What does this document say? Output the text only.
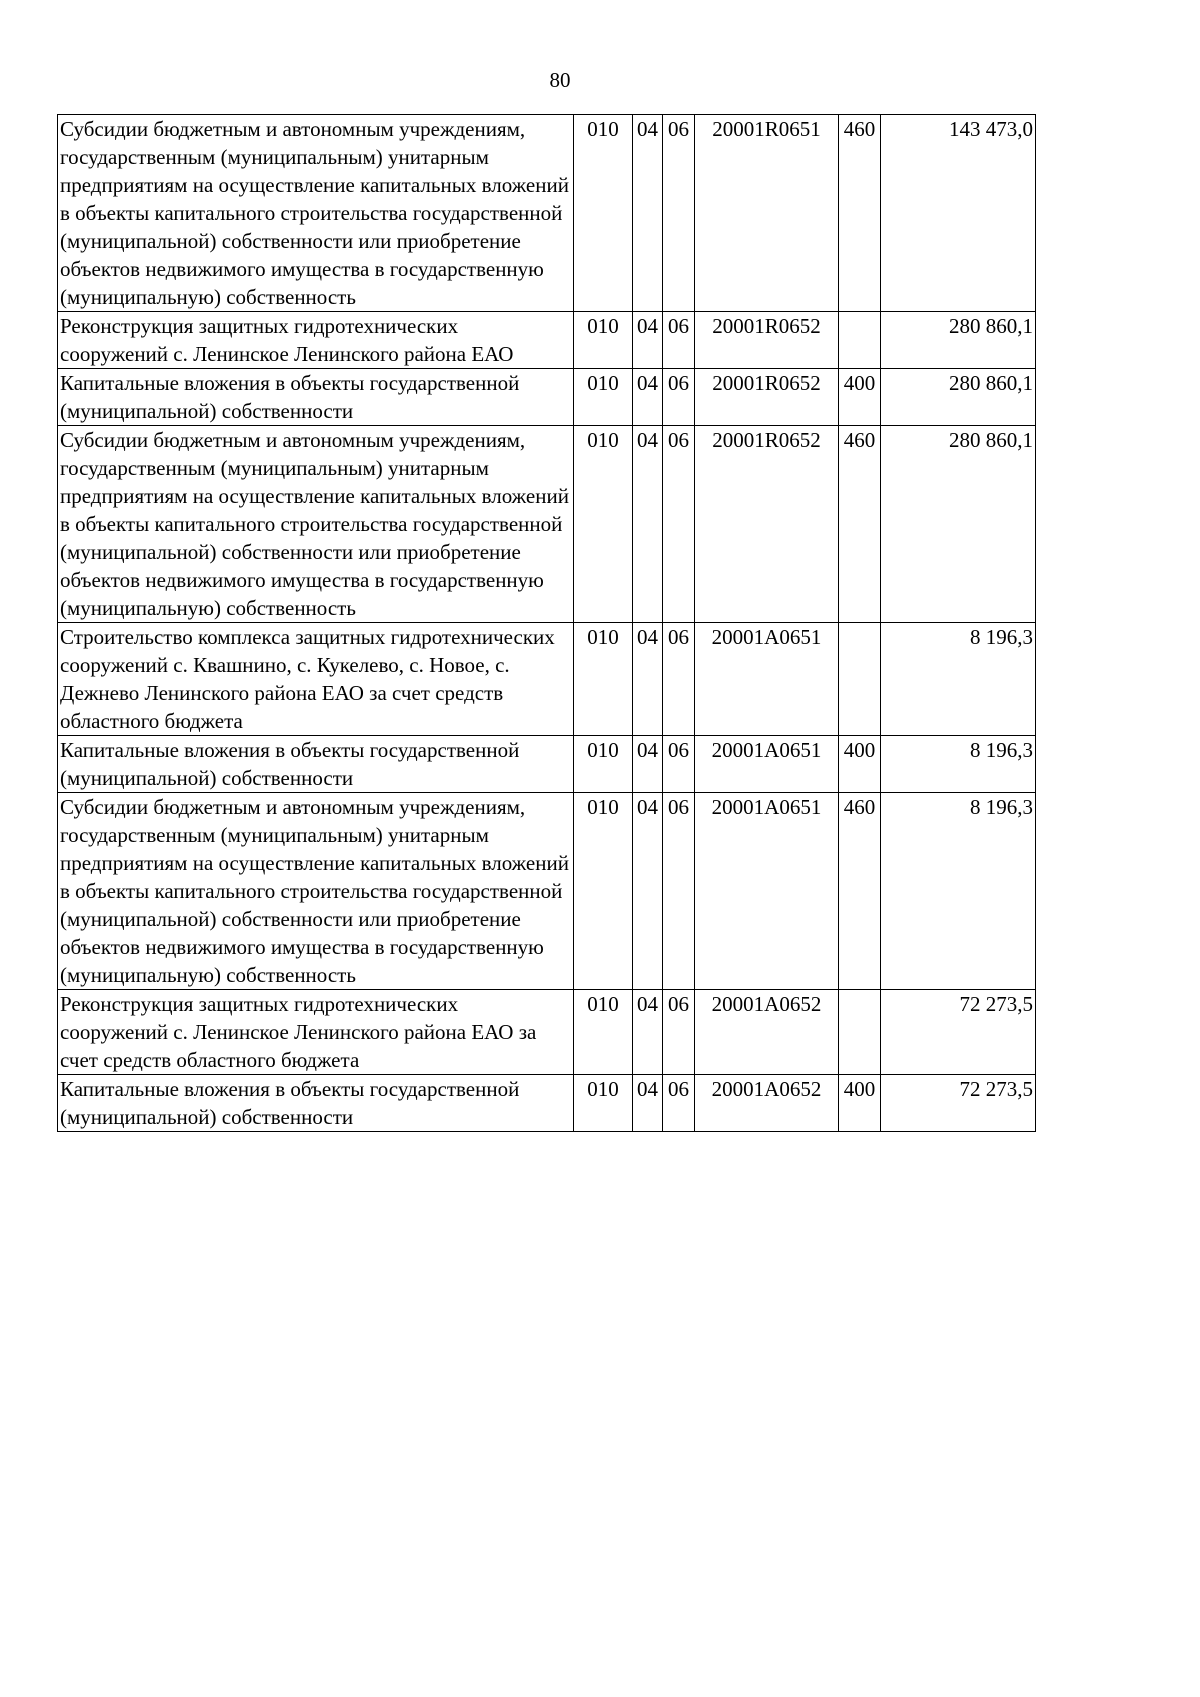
80
Субсидии бюджетным и автономным учреждениям, государственным (муниципальным) унитарным предприятиям на осуществление капитальных вложений в объекты капитального строительства государственной (муниципальной) собственности или приобретение объектов недвижимого имущества в государственную (муниципальную) собственность	010	04	06	20001R0651	460	143 473,0
Реконструкция защитных гидротехнических сооружений с. Ленинское Ленинского района ЕАО	010	04	06	20001R0652		280 860,1
Капитальные вложения в объекты государственной (муниципальной) собственности	010	04	06	20001R0652	400	280 860,1
Субсидии бюджетным и автономным учреждениям, государственным (муниципальным) унитарным предприятиям на осуществление капитальных вложений в объекты капитального строительства государственной (муниципальной) собственности или приобретение объектов недвижимого имущества в государственную (муниципальную) собственность	010	04	06	20001R0652	460	280 860,1
Строительство комплекса защитных гидротехнических сооружений с. Квашнино, с. Кукелево, с. Новое, с. Дежнево Ленинского района ЕАО за счет средств областного бюджета	010	04	06	20001А0651		8 196,3
Капитальные вложения в объекты государственной (муниципальной) собственности	010	04	06	20001А0651	400	8 196,3
Субсидии бюджетным и автономным учреждениям, государственным (муниципальным) унитарным предприятиям на осуществление капитальных вложений в объекты капитального строительства государственной (муниципальной) собственности или приобретение объектов недвижимого имущества в государственную (муниципальную) собственность	010	04	06	20001А0651	460	8 196,3
Реконструкция защитных гидротехнических сооружений с. Ленинское Ленинского района ЕАО за счет средств областного бюджета	010	04	06	20001А0652		72 273,5
Капитальные вложения в объекты государственной (муниципальной) собственности	010	04	06	20001А0652	400	72 273,5
